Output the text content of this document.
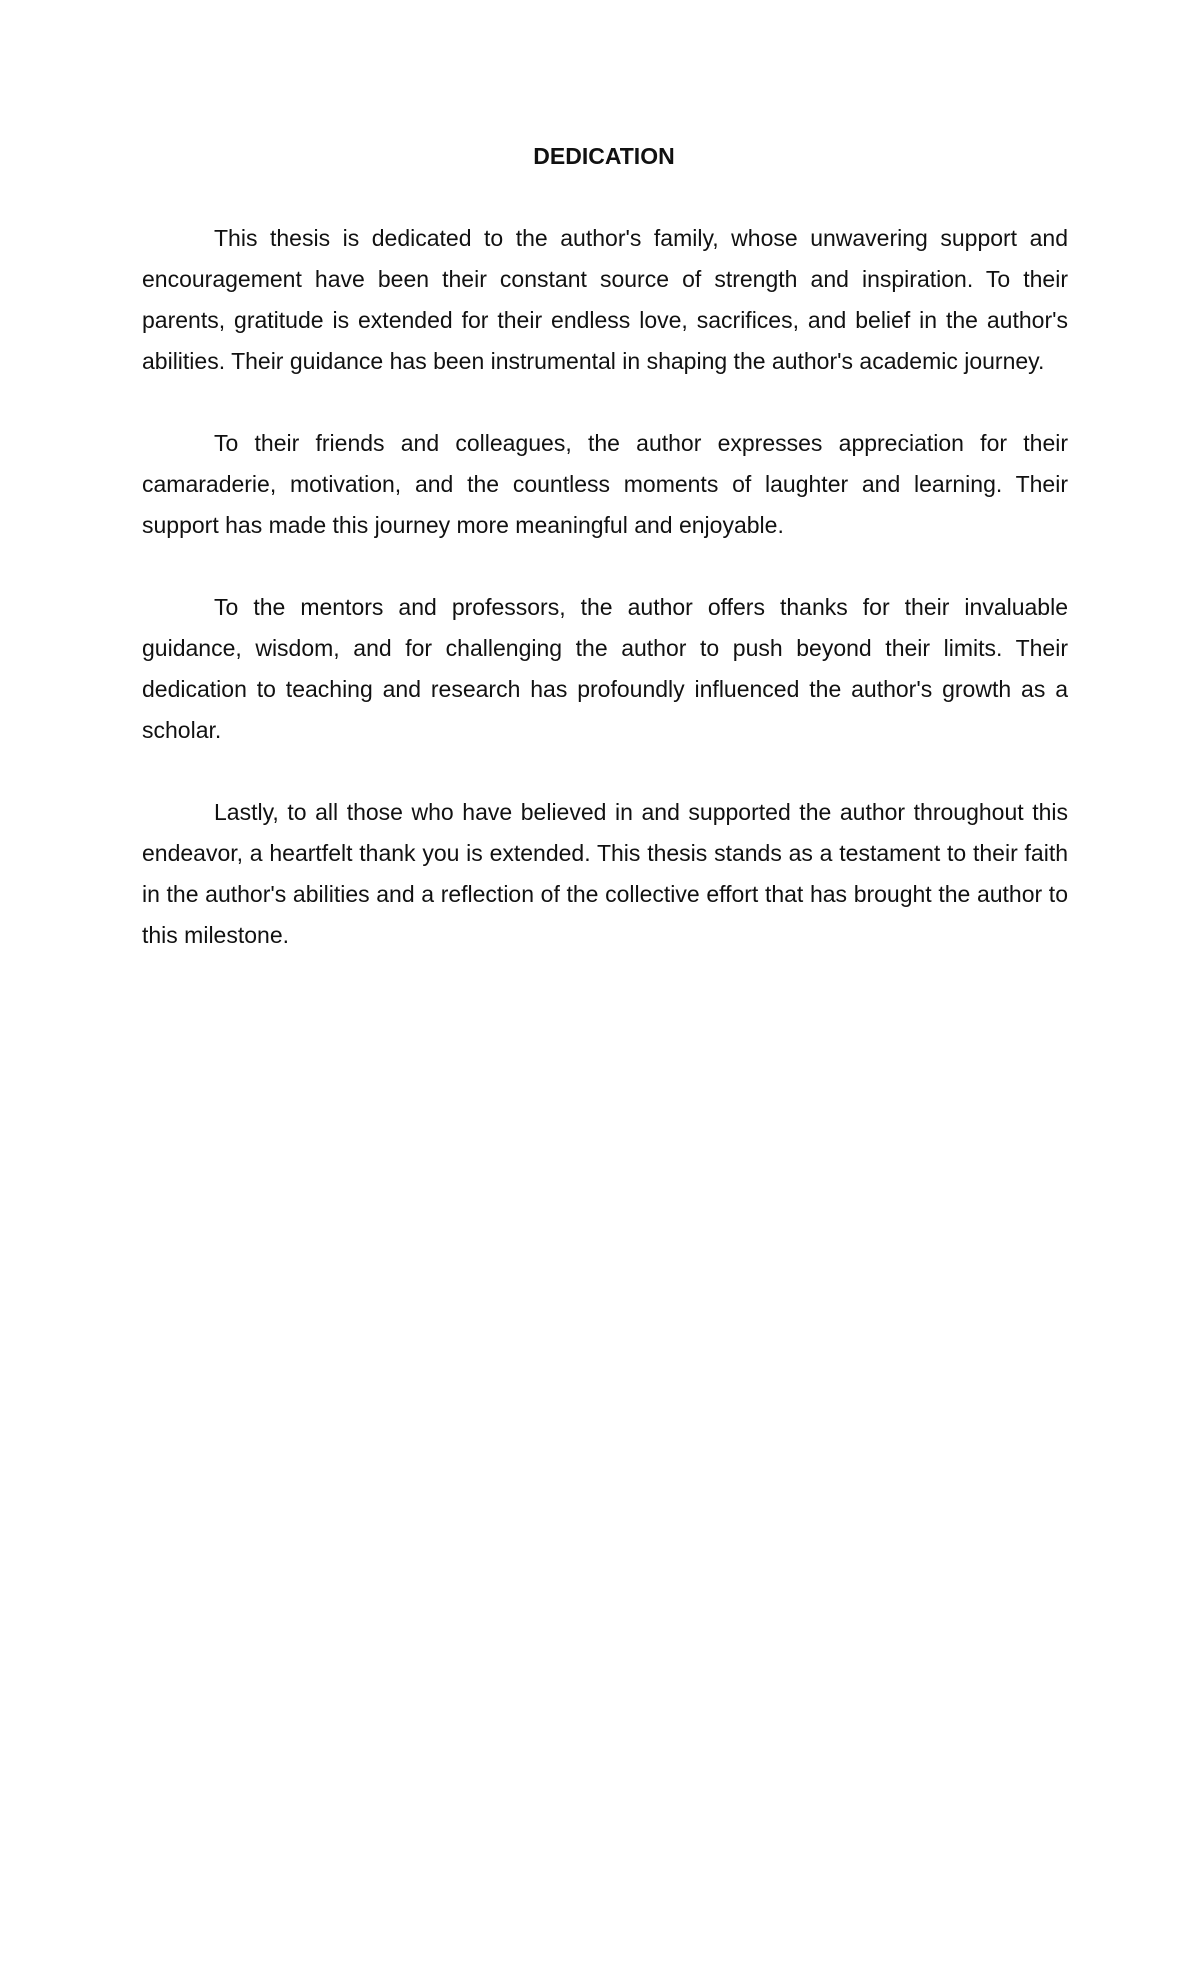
DEDICATION

This thesis is dedicated to the author's family, whose unwavering support and encouragement have been their constant source of strength and inspiration. To their parents, gratitude is extended for their endless love, sacrifices, and belief in the author's abilities. Their guidance has been instrumental in shaping the author's academic journey.

To their friends and colleagues, the author expresses appreciation for their camaraderie, motivation, and the countless moments of laughter and learning. Their support has made this journey more meaningful and enjoyable.

To the mentors and professors, the author offers thanks for their invaluable guidance, wisdom, and for challenging the author to push beyond their limits. Their dedication to teaching and research has profoundly influenced the author's growth as a scholar.

Lastly, to all those who have believed in and supported the author throughout this endeavor, a heartfelt thank you is extended. This thesis stands as a testament to their faith in the author's abilities and a reflection of the collective effort that has brought the author to this milestone.
